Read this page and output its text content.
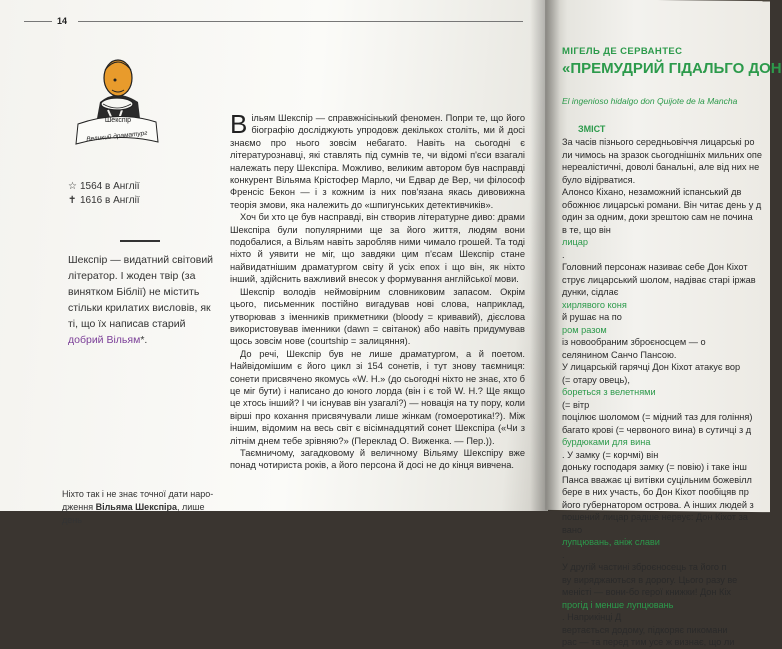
14
Шекспір
Великий драматург
☆ 1564 в Англії
✝ 1616 в Англії
Шекспір — видатний світовий літератор. І жоден твір (за винятком Біблії) не містить стільки крилатих висловів, як ті, що їх написав старий добрий Вільям*.
Ніхто так і не знає точної дати наро-
дження Вільяма Шекспіра, лише день

Вільям Шекспір — справжнісінький феномен. Попри те, що його біографію досліджують упродовж декількох століть, ми й досі знаємо про нього зовсім небагато. Навіть на сьогодні є літературознавці, які ставлять під сумнів те, чи відомі п'єси взагалі належать перу Шекспіра. Можливо, великим автором був насправді конкурент Вільяма Крістофер Марло, чи Едвар де Вер, чи філософ Френсіс Бекон — і з кожним із них пов'язана якась дивовижна теорія змови, яка належить до «шпигунських детективчиків».

Хоч би хто це був насправді, він створив літературне диво: драми Шекспіра були популярними ще за його життя, людям вони подобалися, а Вільям навіть заробляв ними чимало грошей. Та тоді ніхто й уявити не міг, що завдяки цим п'єсам Шекспір стане найвидатнішим драматургом світу й усіх епох і що він, як ніхто інший, здійснить важливий внесок у формування англійської мови.

Шекспір володів неймовірним словниковим запасом. Окрім цього, письменник постійно вигадував нові слова, наприклад, утворював з іменників прикметники (bloody = кривавий), дієслова використовував іменники (dawn = світанок) або навіть придумував щось зовсім нове (courtship = залицяння).

До речі, Шекспір був не лише драматургом, а й поетом. Найвідомішим є його цикл зі 154 сонетів, і тут знову таємниця: сонети присвячено якомусь «W. H.» (до сьогодні ніхто не знає, хто б це міг бути) і написано до юного лорда (він і є той W. H.? Ще якщо це хтось інший? І чи існував він узагалі?) — новація на ту пору, коли вірші про кохання присвячували лише жінкам (гомоеротика!?). Між іншим, відомим на весь світ є вісімнадцятий сонет Шекспіра («Чи з літнім днем тебе зрівняю?» (Переклад О. Виженка. — Пер.)).

Таємничому, загадковому й величному Вільяму Шекспіру вже понад чотириста років, а його персона й досі не до кінця вивчена.

МІГЕЛЬ ДЕ СЕРВАНТЕС
«ПРЕМУДРИЙ ГІДАЛЬГО ДОН
El ingenioso hidalgo don Quijote de la Mancha
ЗМІСТ
За часів пізнього середньовіччя лицарські ро
ли чимось на зразок сьогоднішніх мильних опе
нереалістичні, доволі банальні, але від них не
було відірватися.
Алонсо Кіхано, незаможний іспанський дв
обожнює лицарські романи. Він читає день у д
один за одним, доки зрештою сам не почина
в те, що він
лицар
.
Головний персонаж називає себе Дон Кіхот
струє лицарський шолом, надіває старі іржав
дунки, сідлає
хирлявого коня
й рушає на по
ром разом
із новообраним зброєносцем — о
селянином Санчо Пансою.
У лицарській гарячці Дон Кіхот атакує вор
(= отару овець),
бореться з велетнями
(= вітр
поцілює шоломом (= мідний таз для гоління)
багато крові (= червоного вина) в сутичці з д
бурдюками для вина
. У замку (= корчмі) він
доньку господаря замку (= повію) і таке інш
Панса вважає ці витівки суцільним божевілл
бере в них участь, бо Дон Кіхот пообіцяв пр
його губернатором острова. А інших людей з
пошений лицар радше нервує: Дон Кіхот за
вано
лупцювань, аніж слави
.
У другій частині зброєносець та його п
ву виряджаються в дорогу. Цього разу ве
меністі — вони-бо герої книжки! Дон Кіх
прогід і менше лупцювань
. Наприкінці Д
вертається додому, підкоряє пикомани
рас — та перед тим усе ж визнає, що ли
